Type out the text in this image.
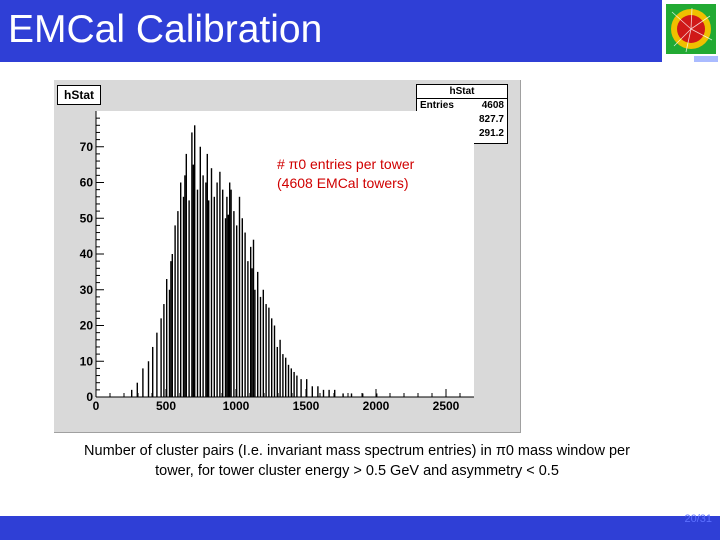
EMCal Calibration
hStat	hStat
Entries	4608
827.7
291.2
0	500	1000	1500	2000	2500
0
10
20
30
40
50
60
70
# π0 entries per tower
(4608 EMCal towers)
Number of cluster pairs (I.e. invariant mass spectrum entries) in π0 mass window per
tower, for tower cluster energy > 0.5 GeV and asymmetry < 0.5
20/31
